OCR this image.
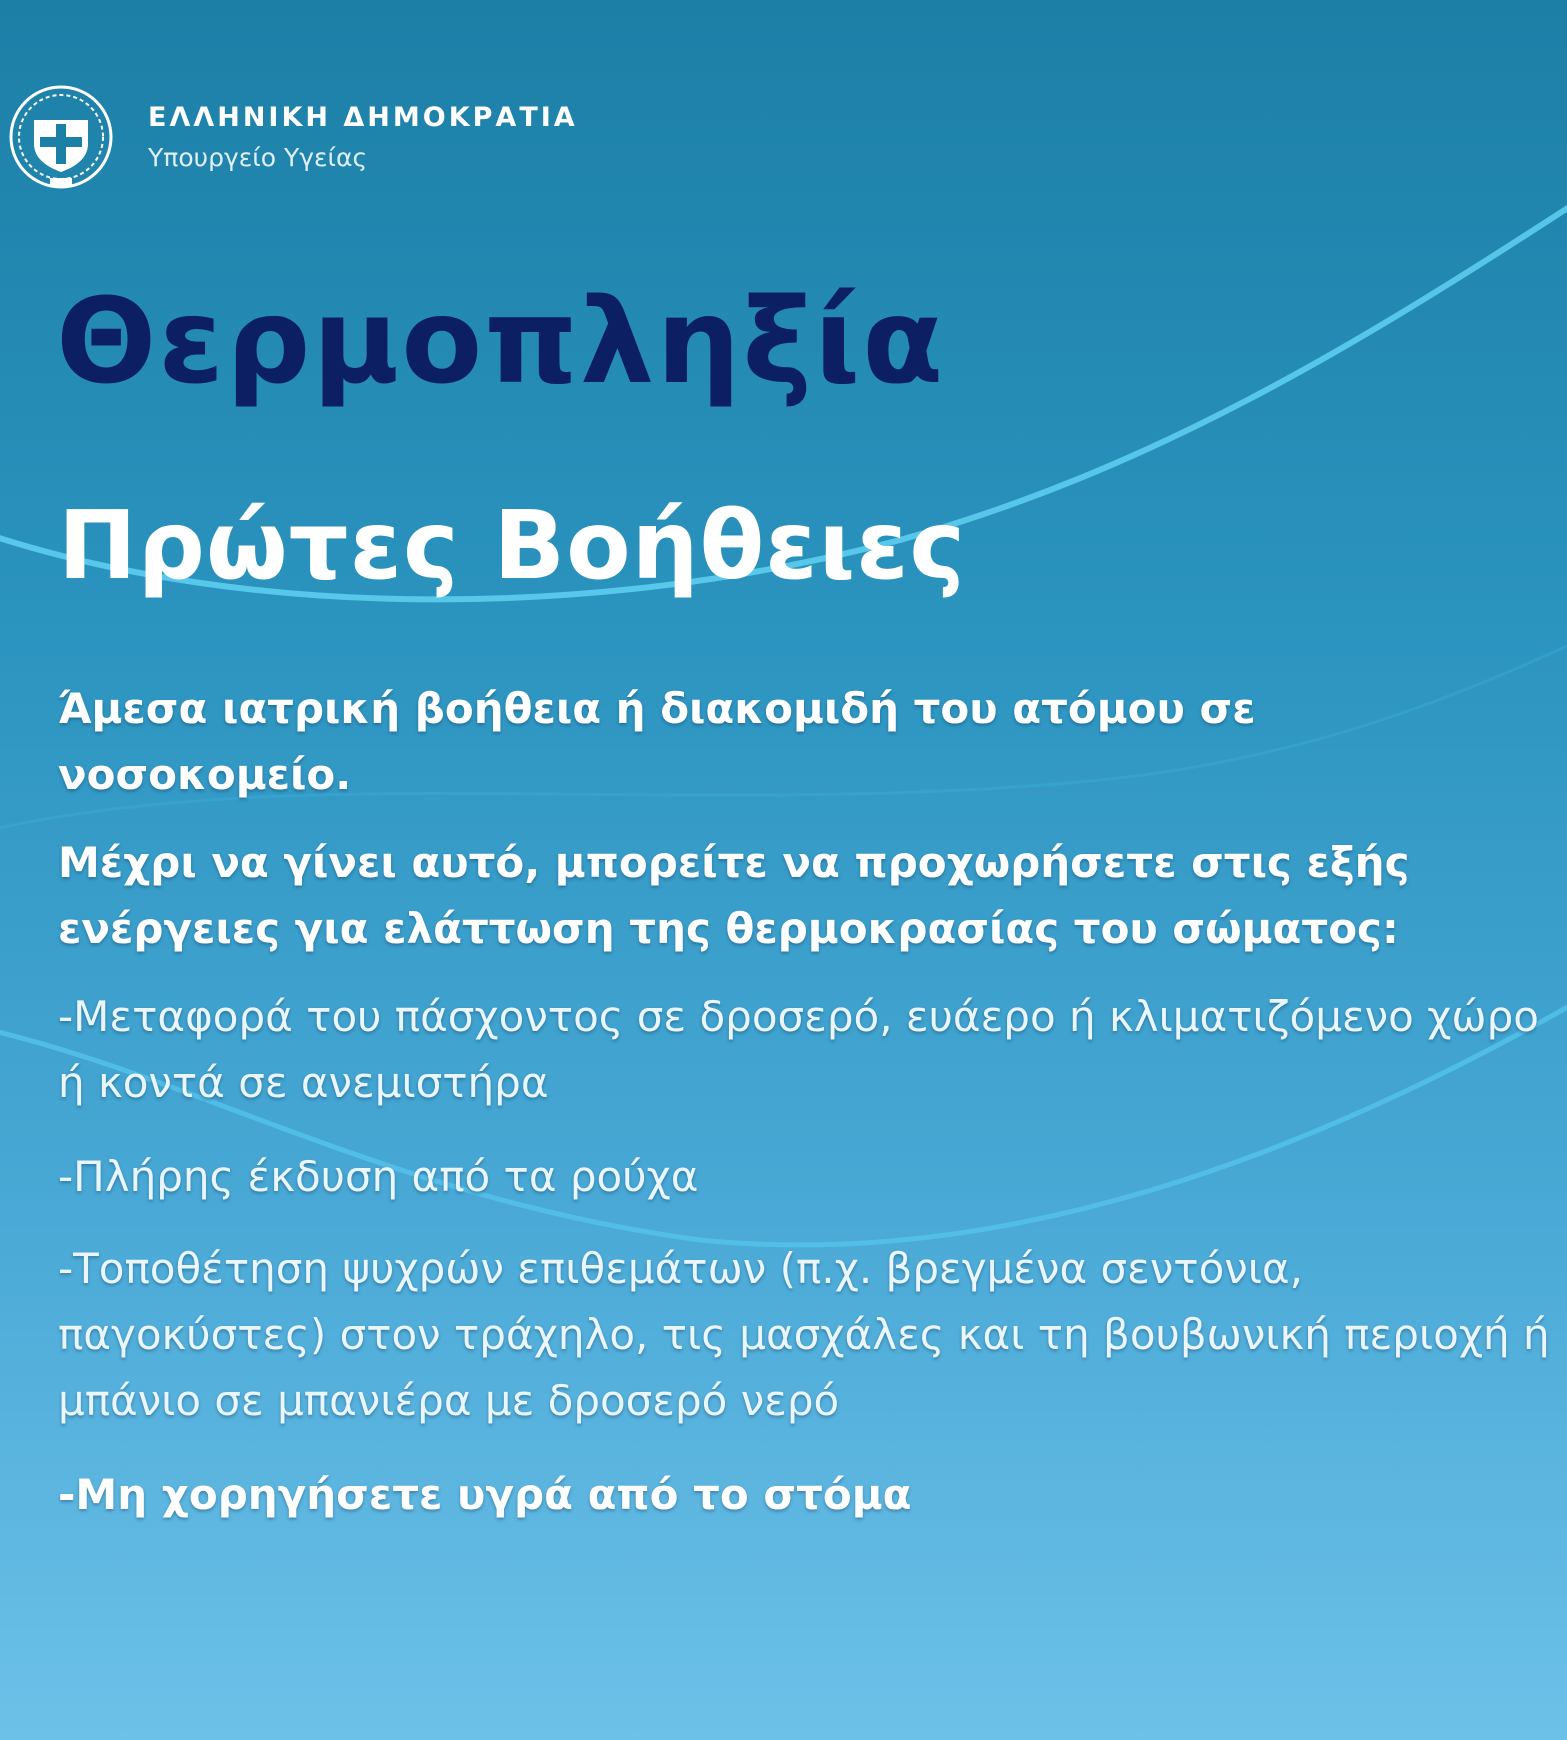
ΕΛΛΗΝΙΚΗ ΔΗΜΟΚΡΑΤΙΑ
Υπουργείο Υγείας
Θερμοπληξία
Πρώτες Βοήθειες

Άμεσα ιατρική βοήθεια ή διακομιδή του ατόμου σε νοσοκομείο.

Μέχρι να γίνει αυτό, μπορείτε να προχωρήσετε στις εξής ενέργειες για ελάττωση της θερμοκρασίας του σώματος:

-Μεταφορά του πάσχοντος σε δροσερό, ευάερο ή κλιματιζόμενο χώρο ή κοντά σε ανεμιστήρα

-Πλήρης έκδυση από τα ρούχα

-Τοποθέτηση ψυχρών επιθεμάτων (π.χ. βρεγμένα σεντόνια, παγοκύστες) στον τράχηλο, τις μασχάλες και τη βουβωνική περιοχή ή μπάνιο σε μπανιέρα με δροσερό νερό

-Μη χορηγήσετε υγρά από το στόμα
